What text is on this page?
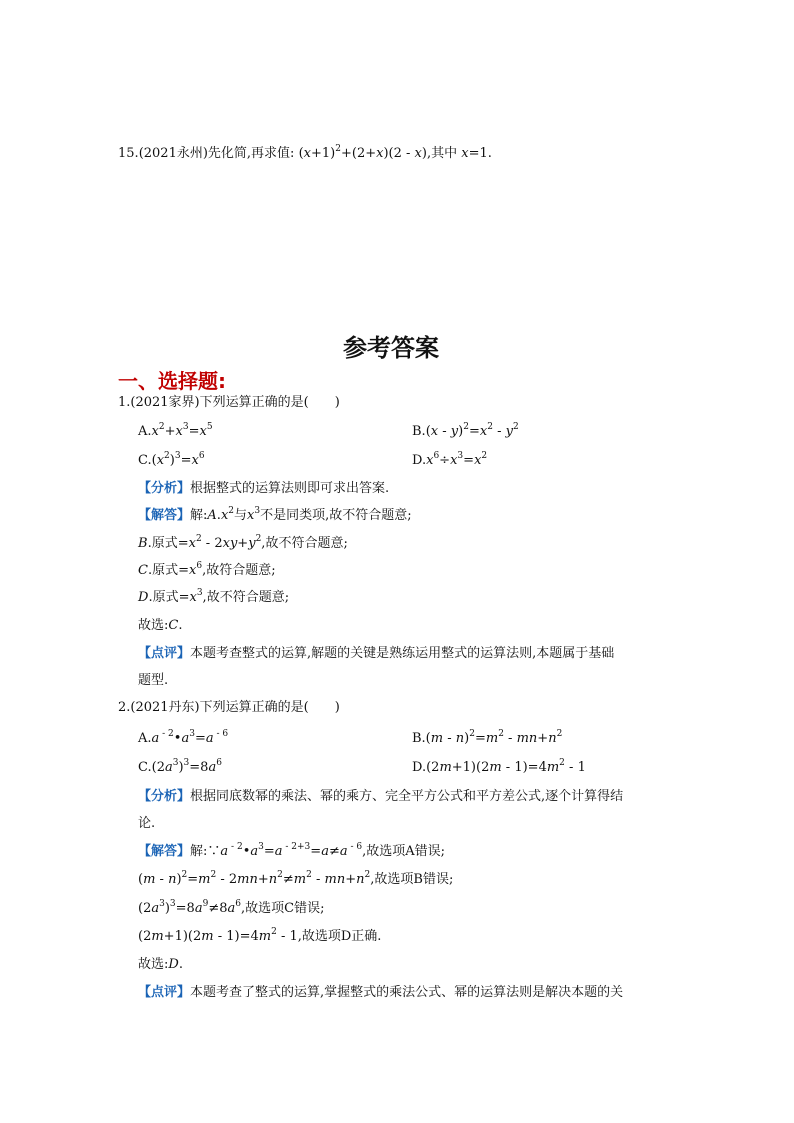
15.(2021永州)先化简,再求值: $(x+1)^2+(2+x)(2 - x)$,其中 x=1.
参考答案
一、选择题:
1.(2021家界)下列运算正确的是(　　)
$A.x^2+x^3=x^5$	$B.(x - y)^2=x^2 - y^2$
$C.(x^2)^3=x^6$	$D.x^6\div x^3=x^2$
【分析】根据整式的运算法则即可求出答案.
【解答】解$:A.x^2$与$x^3$不是同类项,故不符合题意;
B.原式$=x^2 - 2xy+y^2$,故不符合题意;
C.原式$=x^6$,故符合题意;
D.原式$=x^3$,故不符合题意;
故选:C.
【点评】本题考查整式的运算,解题的关键是熟练运用整式的运算法则,本题属于基础
题型.
2.(2021丹东)下列运算正确的是(　　)
A.a $^{- 2}•a^3=a$ $^{- 6}$	$B.(m - n)^2=m^2 - mn+n^2$
$C.(2a^3)^3=8a^6$	$D.(2m+1)(2m - 1)=4m^2 - 1$
【分析】根据同底数幂的乘法、幂的乘方、完全平方公式和平方差公式,逐个计算得结
论.
【解答】解:∵a $^{- 2}•a^3=a$ $^{- 2+3}$=a≠a $^{- 6}$,故选项A错误;
$(m - n)^2=m^2 - 2mn+n^2\ne m^2 - mn+n^2$,故选项B错误;
$(2a^3)^3=8a^9\ne 8a^6$,故选项C错误;
$(2m+1)(2m - 1)=4m^2 - 1$,故选项D正确.
故选:D.
【点评】本题考查了整式的运算,掌握整式的乘法公式、幂的运算法则是解决本题的关
